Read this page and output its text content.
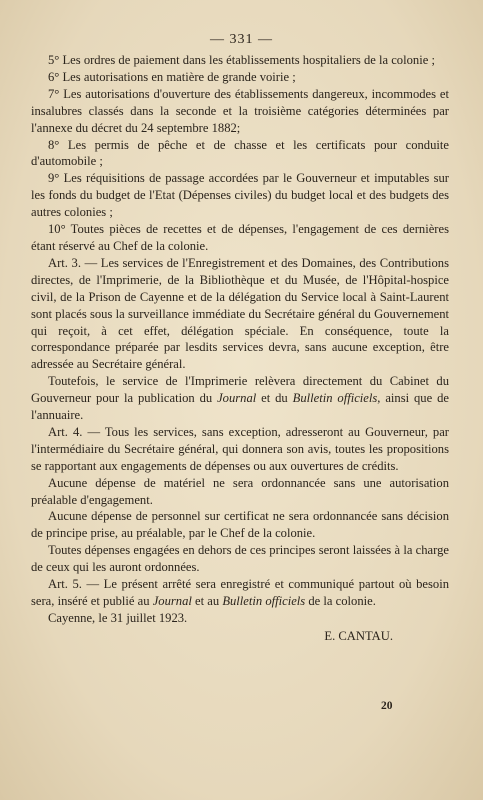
— 331 —

5° Les ordres de paiement dans les établissements hospitaliers de la colonie ;

6° Les autorisations en matière de grande voirie ;

7° Les autorisations d'ouverture des établissements dangereux, incommodes et insalubres classés dans la seconde et la troisième catégories déterminées par l'annexe du décret du 24 septembre 1882;

8° Les permis de pêche et de chasse et les certificats pour conduite d'automobile ;

9° Les réquisitions de passage accordées par le Gouverneur et imputables sur les fonds du budget de l'Etat (Dépenses civiles) du budget local et des budgets des autres colonies ;

10° Toutes pièces de recettes et de dépenses, l'engagement de ces dernières étant réservé au Chef de la colonie.

Art. 3. — Les services de l'Enregistrement et des Domaines, des Contributions directes, de l'Imprimerie, de la Bibliothèque et du Musée, de l'Hôpital-hospice civil, de la Prison de Cayenne et de la délégation du Service local à Saint-Laurent sont placés sous la surveillance immédiate du Secrétaire général du Gouvernement qui reçoit, à cet effet, délégation spéciale. En conséquence, toute la correspondance préparée par lesdits services devra, sans aucune exception, être adressée au Secrétaire général.

Toutefois, le service de l'Imprimerie relèvera directement du Cabinet du Gouverneur pour la publication du Journal et du Bulletin officiels, ainsi que de l'annuaire.

Art. 4. — Tous les services, sans exception, adresseront au Gouverneur, par l'intermédiaire du Secrétaire général, qui donnera son avis, toutes les propositions se rapportant aux engagements de dépenses ou aux ouvertures de crédits.

Aucune dépense de matériel ne sera ordonnancée sans une autorisation préalable d'engagement.

Aucune dépense de personnel sur certificat ne sera ordonnancée sans décision de principe prise, au préalable, par le Chef de la colonie.

Toutes dépenses engagées en dehors de ces principes seront laissées à la charge de ceux qui les auront ordonnées.

Art. 5. — Le présent arrêté sera enregistré et communiqué partout où besoin sera, inséré et publié au Journal et au Bulletin officiels de la colonie.

Cayenne, le 31 juillet 1923.

E. CANTAU.

20
